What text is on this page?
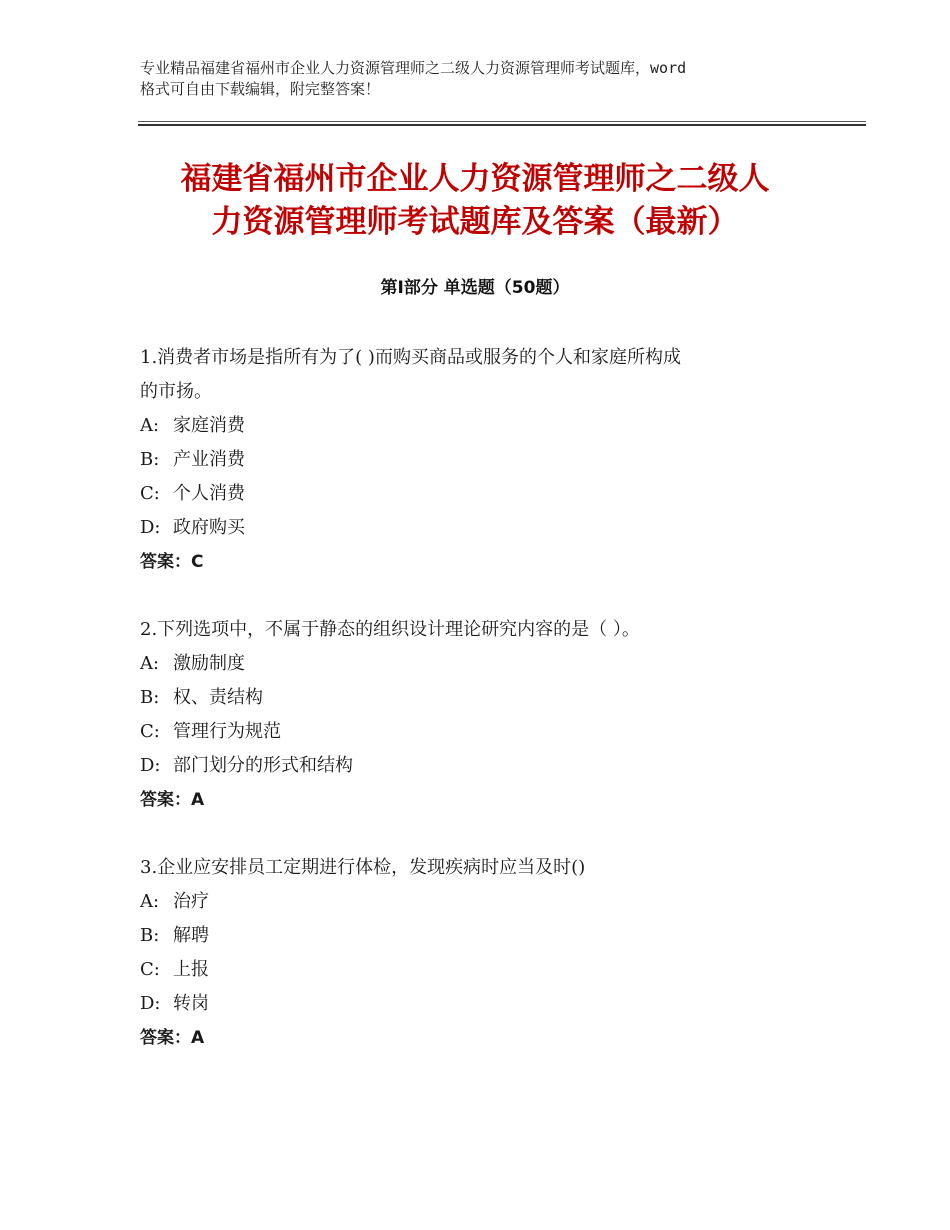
专业精品福建省福州市企业人力资源管理师之二级人力资源管理师考试题库，word
格式可自由下载编辑，附完整答案！
福建省福州市企业人力资源管理师之二级人
力资源管理师考试题库及答案（最新）
第Ⅰ部分 单选题（50题）
1.消费者市场是指所有为了( )而购买商品或服务的个人和家庭所构成
的市扬。
A: 家庭消费
B: 产业消费
C: 个人消费
D: 政府购买
答案：C
2.下列选项中，不属于静态的组织设计理论研究内容的是（ ）。
A: 激励制度
B: 权、责结构
C: 管理行为规范
D: 部门划分的形式和结构
答案：A
3.企业应安排员工定期进行体检，发现疾病时应当及时()
A: 治疗
B: 解聘
C: 上报
D: 转岗
答案：A
